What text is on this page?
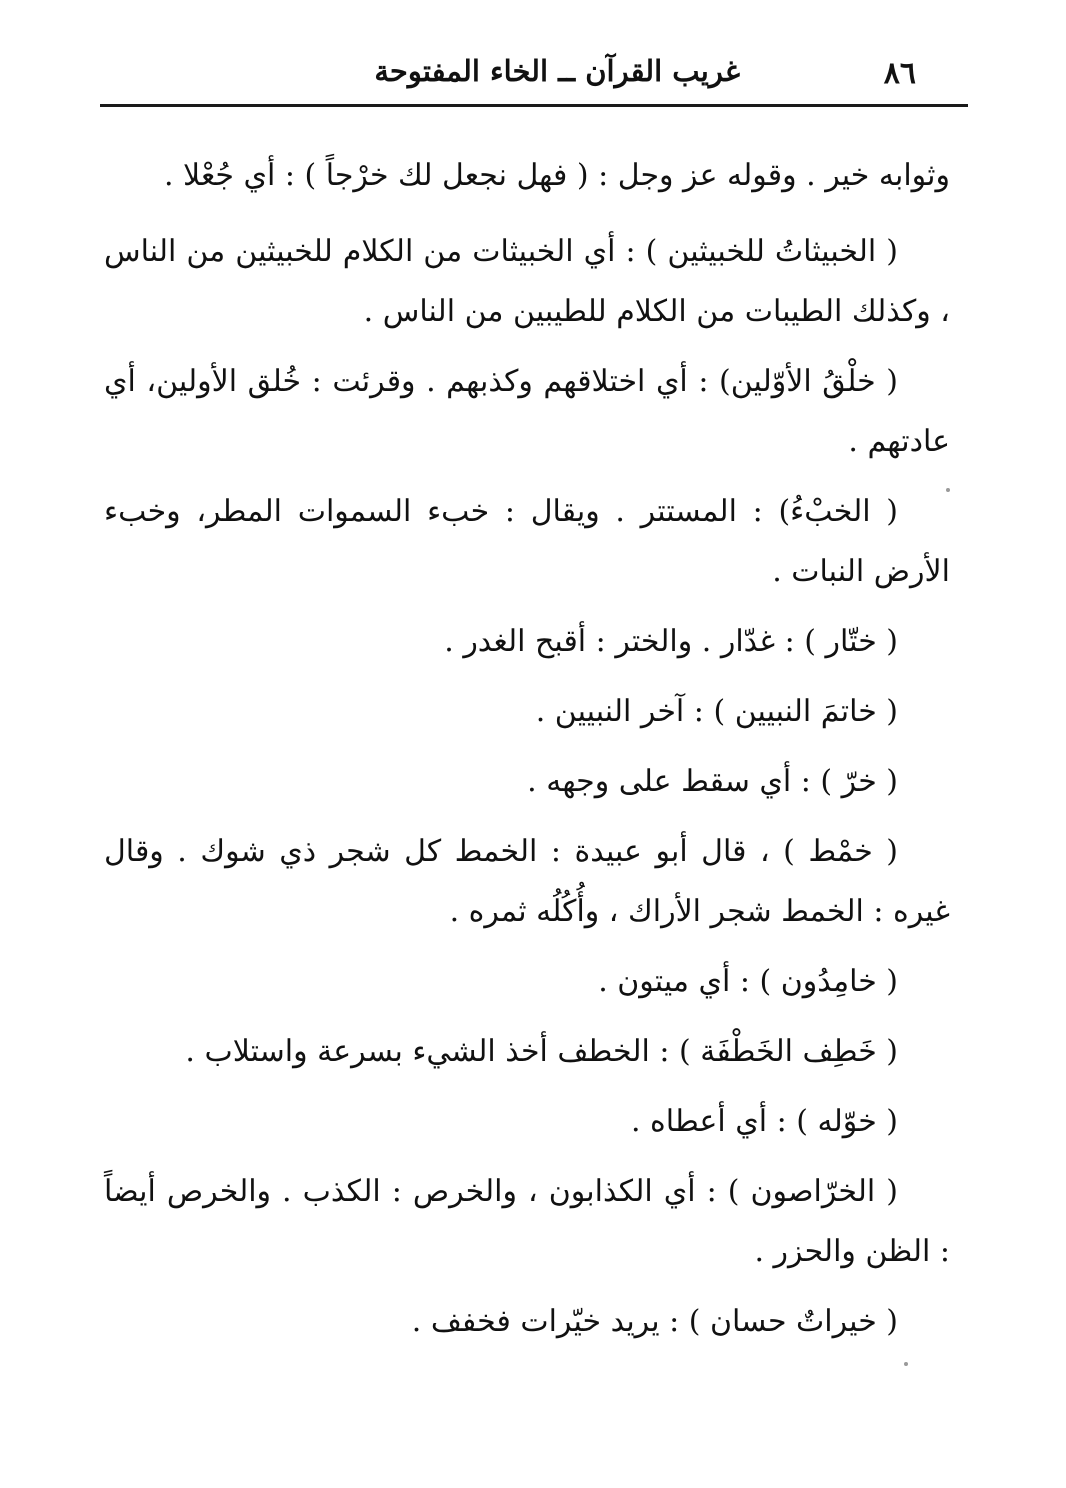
٨٦
غريب القرآن ــ الخاء المفتوحة

وثوابه خير . وقوله عز وجل : ( فهل نجعل لك خرْجاً ) : أي جُعْلا .

( الخبيثاتُ للخبيثين ) : أي الخبيثات من الكلام للخبيثين من الناس ، وكذلك الطيبات من الكلام للطيبين من الناس .

( خلْقُ الأوّلين) : أي اختلاقهم وكذبهم . وقرئت : خُلق الأولين، أي عادتهم .

( الخبْءُ) : المستتر . ويقال : خبء السموات المطر، وخبء الأرض النبات .

( ختّار ) : غدّار . والختر : أقبح الغدر .

( خاتمَ النبيين ) : آخر النبيين .

( خرّ ) : أي سقط على وجهه .

( خمْط ) ، قال أبو عبيدة : الخمط كل شجر ذي شوك . وقال غيره : الخمط شجر الأراك ، وأُكُلُه ثمره .

( خامِدُون ) : أي ميتون .

( خَطِف الخَطْفَة ) : الخطف أخذ الشيء بسرعة واستلاب .

( خوّله ) : أي أعطاه .

( الخرّاصون ) : أي الكذابون ، والخرص : الكذب . والخرص أيضاً : الظن والحزر .

( خيراتٌ حسان ) : يريد خيّرات فخفف .
